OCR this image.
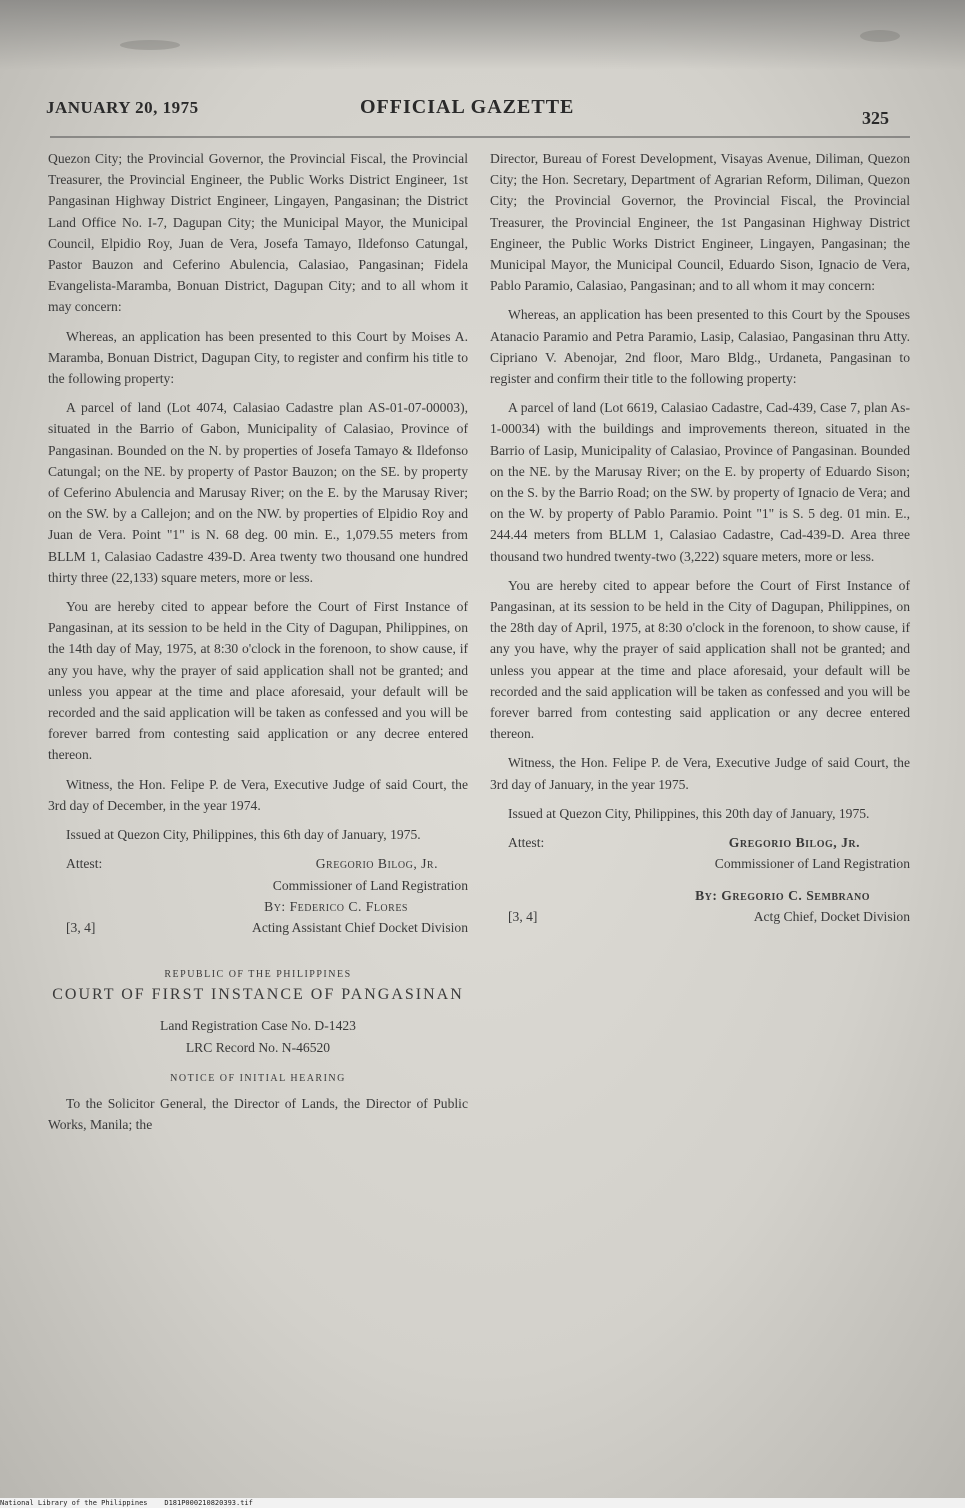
JANUARY 20, 1975	OFFICIAL GAZETTE	325

Quezon City; the Provincial Governor, the Provincial Fiscal, the Provincial Treasurer, the Provincial Engineer, the Public Works District Engineer, 1st Pangasinan Highway District Engineer, Lingayen, Pangasinan; the District Land Office No. I-7, Dagupan City; the Municipal Mayor, the Municipal Council, Elpidio Roy, Juan de Vera, Josefa Tamayo, Ildefonso Catungal, Pastor Bauzon and Ceferino Abulencia, Calasiao, Pangasinan; Fidela Evangelista-Maramba, Bonuan District, Dagupan City; and to all whom it may concern:

Whereas, an application has been presented to this Court by Moises A. Maramba, Bonuan District, Dagupan City, to register and confirm his title to the following property:

A parcel of land (Lot 4074, Calasiao Cadastre plan AS-01-07-00003), situated in the Barrio of Gabon, Municipality of Calasiao, Province of Pangasinan. Bounded on the N. by properties of Josefa Tamayo & Ildefonso Catungal; on the NE. by property of Pastor Bauzon; on the SE. by property of Ceferino Abulencia and Marusay River; on the E. by the Marusay River; on the SW. by a Callejon; and on the NW. by properties of Elpidio Roy and Juan de Vera. Point "1" is N. 68 deg. 00 min. E., 1,079.55 meters from BLLM 1, Calasiao Cadastre 439-D. Area twenty two thousand one hundred thirty three (22,133) square meters, more or less.

You are hereby cited to appear before the Court of First Instance of Pangasinan, at its session to be held in the City of Dagupan, Philippines, on the 14th day of May, 1975, at 8:30 o'clock in the forenoon, to show cause, if any you have, why the prayer of said application shall not be granted; and unless you appear at the time and place aforesaid, your default will be recorded and the said application will be taken as confessed and you will be forever barred from contesting said application or any decree entered thereon.

Witness, the Hon. Felipe P. de Vera, Executive Judge of said Court, the 3rd day of December, in the year 1974.

Issued at Quezon City, Philippines, this 6th day of January, 1975.

Attest:	Gregorio Bilog, Jr.
Commissioner of Land Registration
By: Federico C. Flores
[3, 4]	Acting Assistant Chief Docket Division
REPUBLIC OF THE PHILIPPINES
COURT OF FIRST INSTANCE OF PANGASINAN
Land Registration Case No. D-1423
LRC Record No. N-46520
NOTICE OF INITIAL HEARING

To the Solicitor General, the Director of Lands, the Director of Public Works, Manila; the

Director, Bureau of Forest Development, Visayas Avenue, Diliman, Quezon City; the Hon. Secretary, Department of Agrarian Reform, Diliman, Quezon City; the Provincial Governor, the Provincial Fiscal, the Provincial Treasurer, the Provincial Engineer, the 1st Pangasinan Highway District Engineer, the Public Works District Engineer, Lingayen, Pangasinan; the Municipal Mayor, the Municipal Council, Eduardo Sison, Ignacio de Vera, Pablo Paramio, Calasiao, Pangasinan; and to all whom it may concern:

Whereas, an application has been presented to this Court by the Spouses Atanacio Paramio and Petra Paramio, Lasip, Calasiao, Pangasinan thru Atty. Cipriano V. Abenojar, 2nd floor, Maro Bldg., Urdaneta, Pangasinan to register and confirm their title to the following property:

A parcel of land (Lot 6619, Calasiao Cadastre, Cad-439, Case 7, plan As-1-00034) with the buildings and improvements thereon, situated in the Barrio of Lasip, Municipality of Calasiao, Province of Pangasinan. Bounded on the NE. by the Marusay River; on the E. by property of Eduardo Sison; on the S. by the Barrio Road; on the SW. by property of Ignacio de Vera; and on the W. by property of Pablo Paramio. Point "1" is S. 5 deg. 01 min. E., 244.44 meters from BLLM 1, Calasiao Cadastre, Cad-439-D. Area three thousand two hundred twenty-two (3,222) square meters, more or less.

You are hereby cited to appear before the Court of First Instance of Pangasinan, at its session to be held in the City of Dagupan, Philippines, on the 28th day of April, 1975, at 8:30 o'clock in the forenoon, to show cause, if any you have, why the prayer of said application shall not be granted; and unless you appear at the time and place aforesaid, your default will be recorded and the said application will be taken as confessed and you will be forever barred from contesting said application or any decree entered thereon.

Witness, the Hon. Felipe P. de Vera, Executive Judge of said Court, the 3rd day of January, in the year 1975.

Issued at Quezon City, Philippines, this 20th day of January, 1975.

Attest:	Gregorio Bilog, Jr.
Commissioner of Land Registration
By: Gregorio C. Sembrano
[3, 4]	Actg Chief, Docket Division
National Library of the Philippines    D181P000210820393.tif
